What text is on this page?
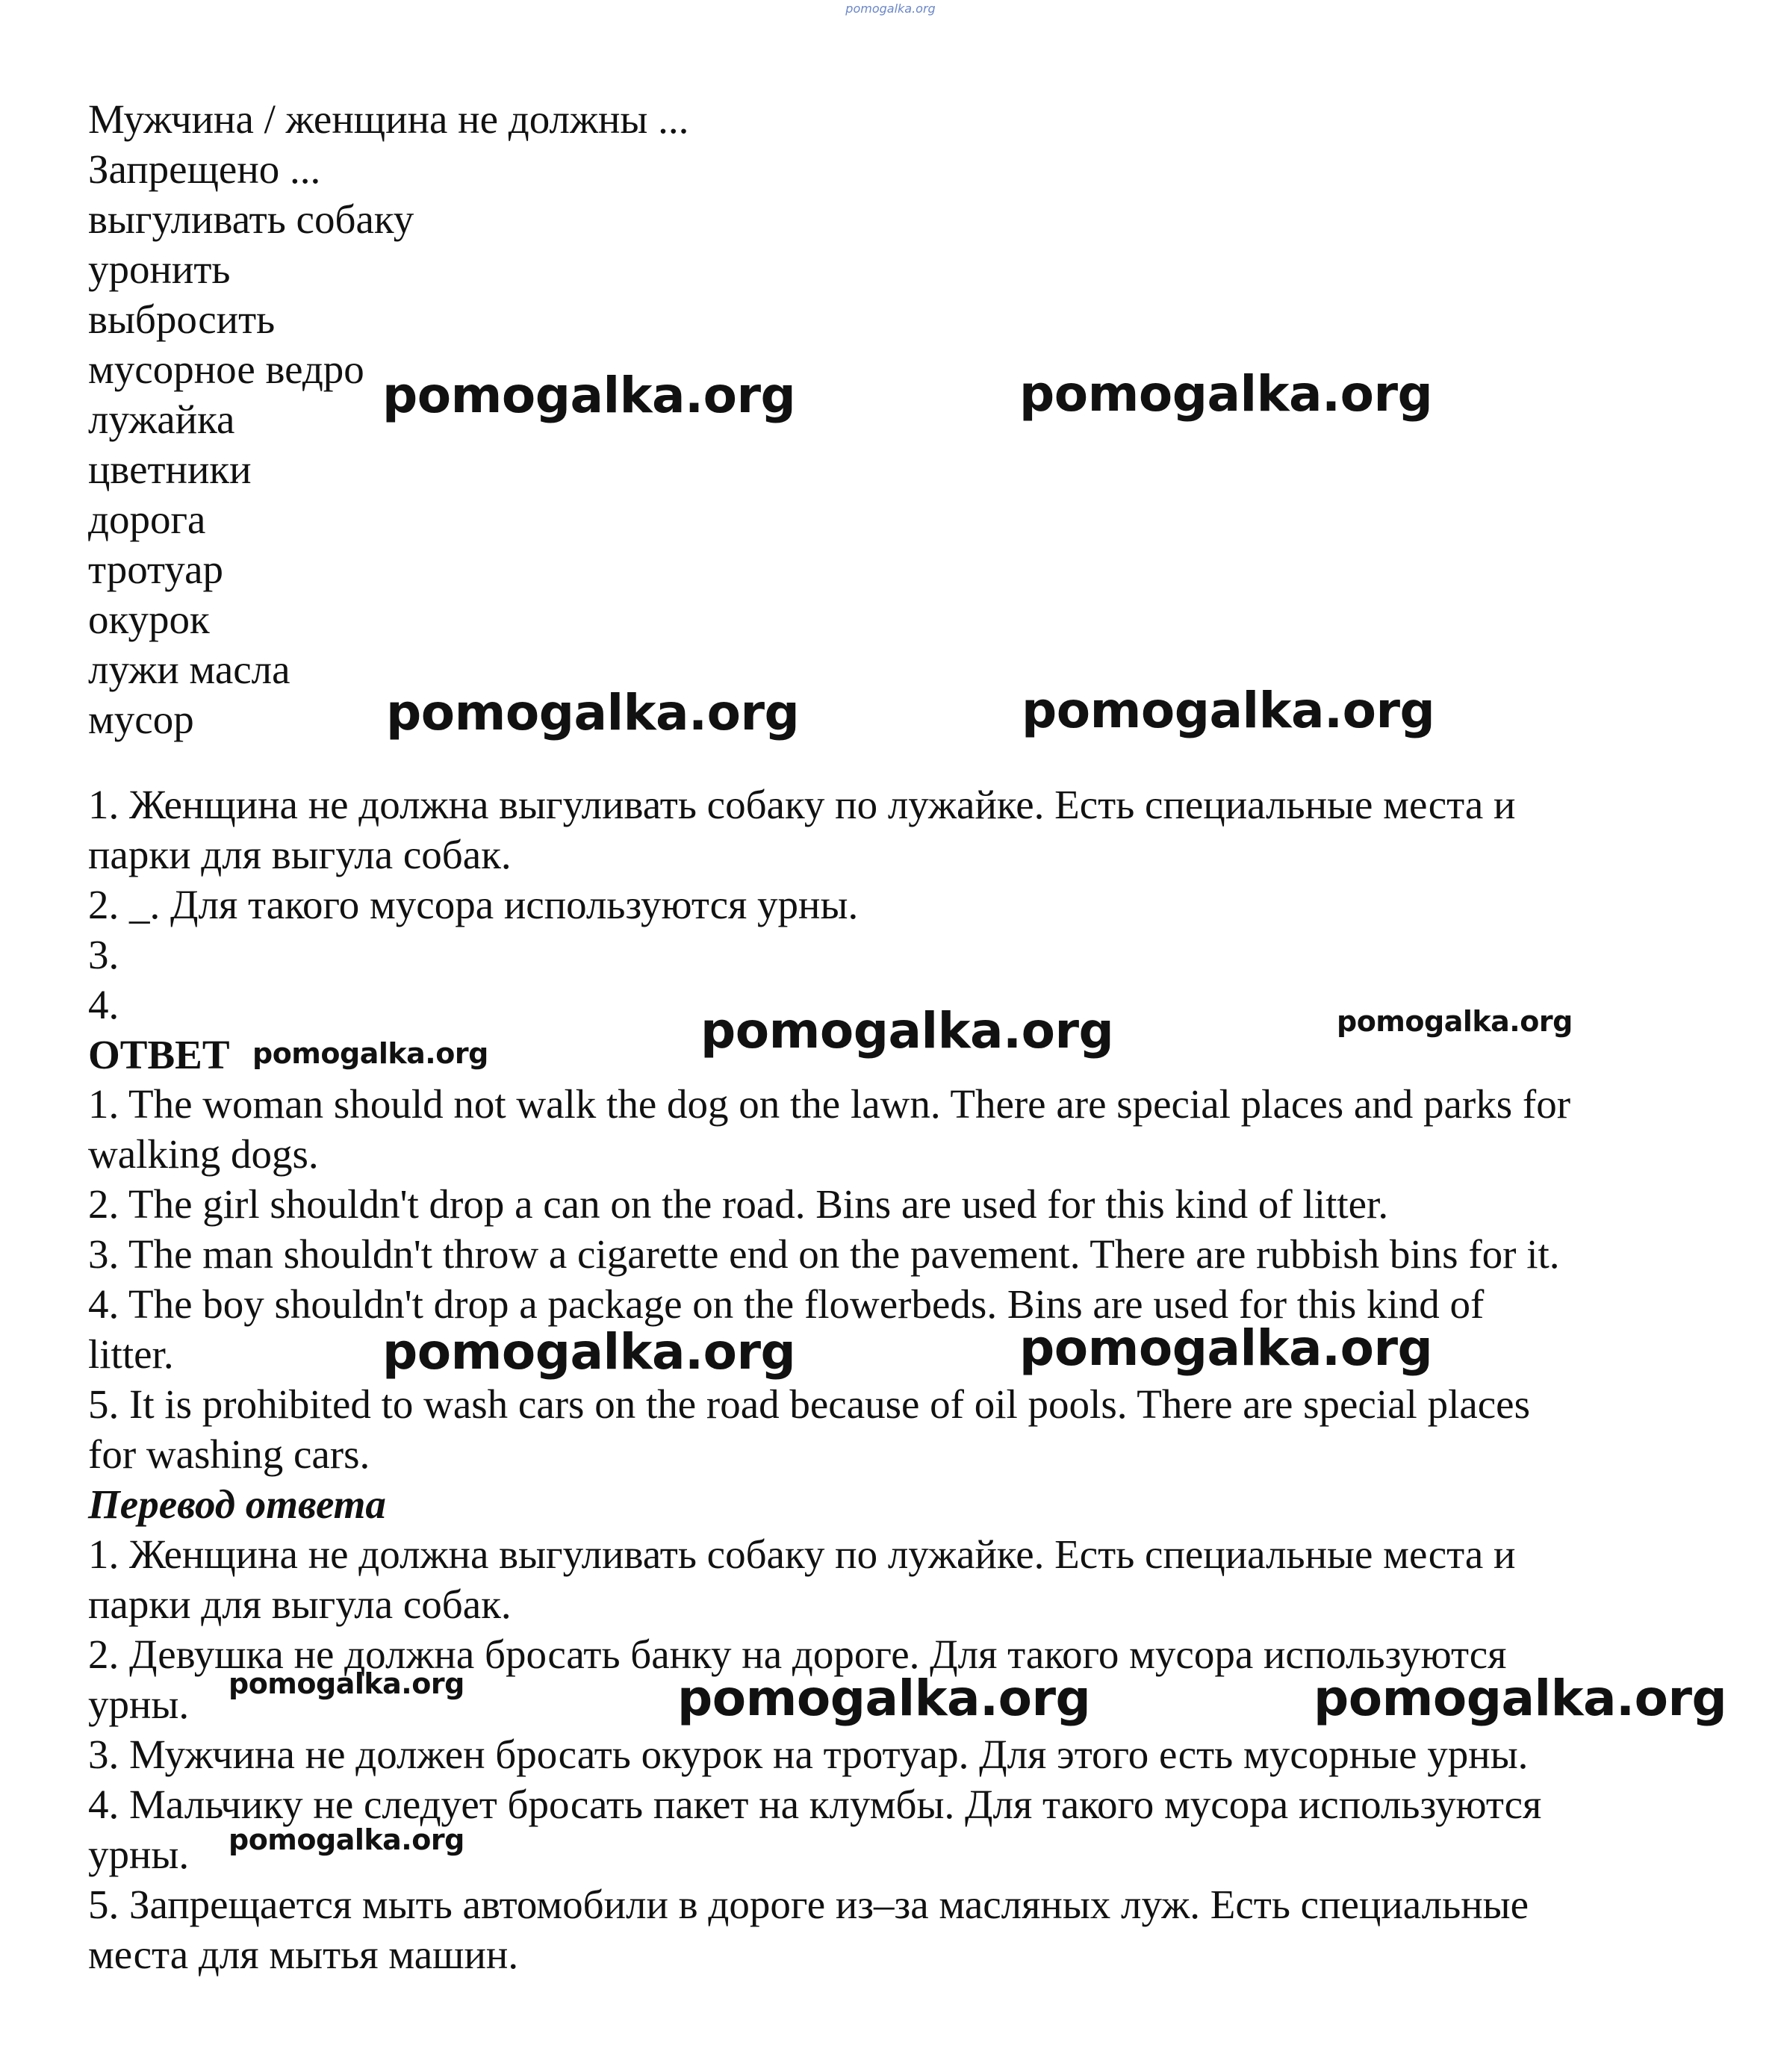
pomogalka.org

Мужчина / женщина не должны ...

Запрещено ...

выгуливать собаку

уронить

выбросить

мусорное ведро

лужайка

цветники

дорога

тротуар

окурок

лужи масла

мусор

1. Женщина не должна выгуливать собаку по лужайке. Есть специальные места и

парки для выгула собак.

2. _. Для такого мусора используются урны.

3.

4.

ОТВЕТ

1. The woman should not walk the dog on the lawn. There are special places and parks for

walking dogs.

2. The girl shouldn't drop a can on the road. Bins are used for this kind of litter.

3. The man shouldn't throw a cigarette end on the pavement. There are rubbish bins for it.

4. The boy shouldn't drop a package on the flowerbeds. Bins are used for this kind of

litter.

5. It is prohibited to wash cars on the road because of oil pools. There are special places

for washing cars.

Перевод ответа

1. Женщина не должна выгуливать собаку по лужайке. Есть специальные места и

парки для выгула собак.

2. Девушка не должна бросать банку на дороге. Для такого мусора используются

урны.

3. Мужчина не должен бросать окурок на тротуар. Для этого есть мусорные урны.

4. Мальчику не следует бросать пакет на клумбы. Для такого мусора используются

урны.

5. Запрещается мыть автомобили в дороге из‒за масляных луж. Есть специальные

места для мытья машин.

pomogalka.org	pomogalka.org
pomogalka.org	pomogalka.org
pomogalka.org	pomogalka.org
pomogalka.org
pomogalka.org	pomogalka.org
pomogalka.org	pomogalka.org	pomogalka.org
pomogalka.org
